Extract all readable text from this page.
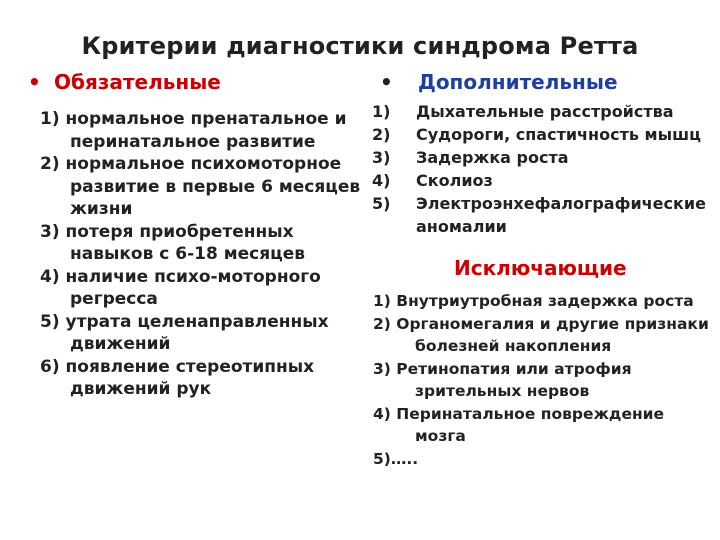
Критерии диагностики синдрома Ретта
• Обязательные
1) нормальное пренатальное и перинатальное развитие
2) нормальное психомоторное развитие в первые 6 месяцев жизни
3) потеря приобретенных навыков с 6-18 месяцев
4) наличие психо-моторного регресса
5) утрата целенаправленных движений
6) появление стереотипных движений рук
• Дополнительные
1)	Дыхательные расстройства
2)	Судороги, спастичность мышц
3)	Задержка роста
4)	Сколиоз
5)	Электроэнхефалографические аномалии
Исключающие
1) Внутриутробная задержка роста
2) Органомегалия и другие признаки болезней накопления
3) Ретинопатия или атрофия зрительных нервов
4) Перинатальное повреждение мозга
5)…..
